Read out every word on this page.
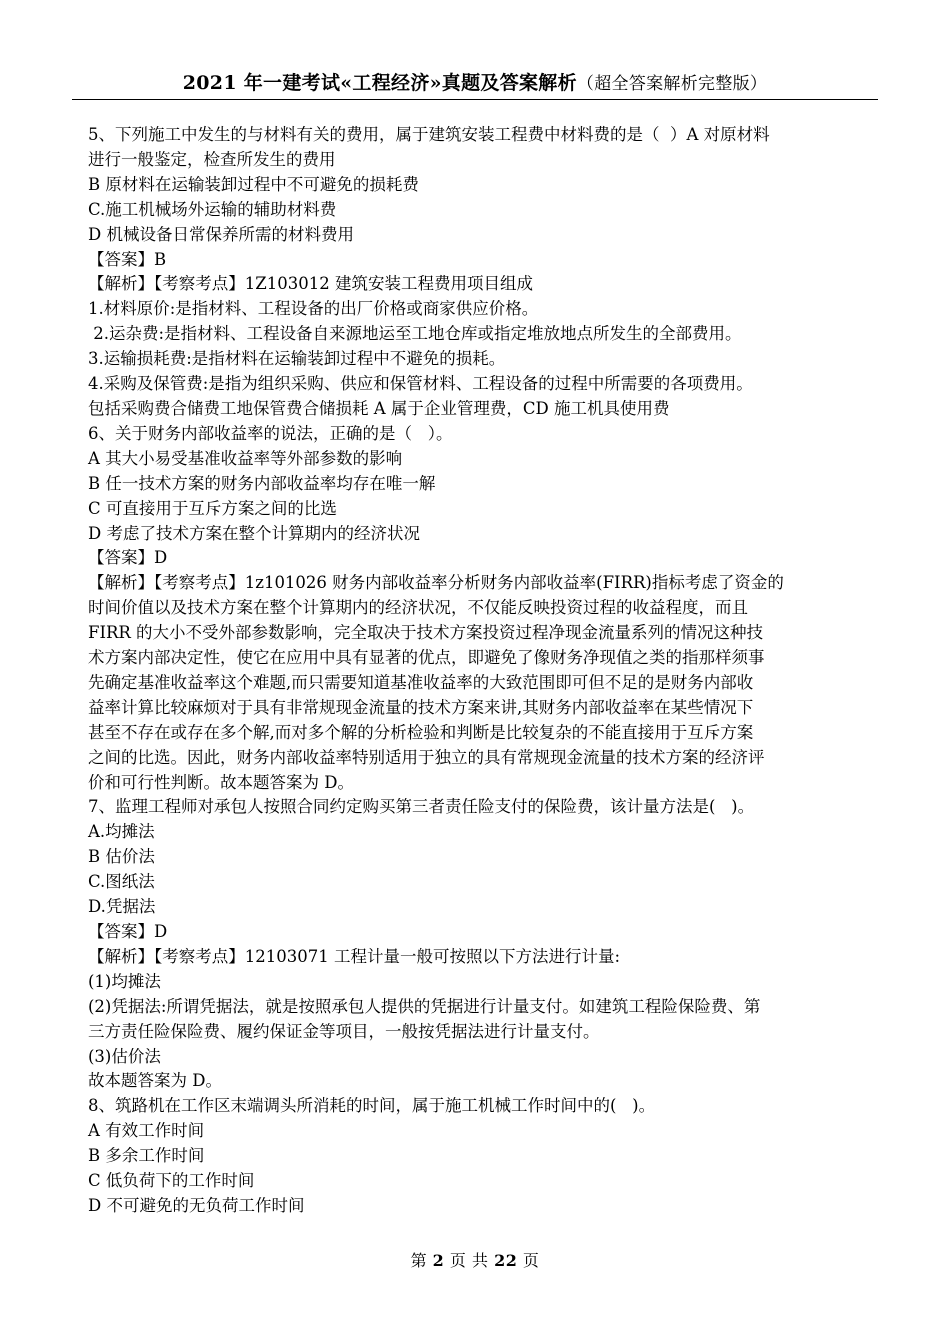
2021 年一建考试«工程经济»真题及答案解析（超全答案解析完整版）
5、下列施工中发生的与材料有关的费用，属于建筑安装工程费中材料费的是（  ）A 对原材料
进行一般鉴定，检查所发生的费用
B 原材料在运输装卸过程中不可避免的损耗费
C.施工机械场外运输的辅助材料费
D 机械设备日常保养所需的材料费用
【答案】B
【解析】【考察考点】1Z103012 建筑安装工程费用项目组成
1.材料原价:是指材料、工程设备的出厂价格或商家供应价格。
2.运杂费:是指材料、工程设备自来源地运至工地仓库或指定堆放地点所发生的全部费用。
3.运输损耗费:是指材料在运输装卸过程中不避免的损耗。
4.采购及保管费:是指为组织采购、供应和保管材料、工程设备的过程中所需要的各项费用。
包括采购费合储费工地保管费合储损耗 A 属于企业管理费，CD 施工机具使用费
6、关于财务内部收益率的说法，正确的是（   ）。
A 其大小易受基准收益率等外部参数的影响
B 任一技术方案的财务内部收益率均存在唯一解
C 可直接用于互斥方案之间的比选
D 考虑了技术方案在整个计算期内的经济状况
【答案】D
【解析】【考察考点】1z101026 财务内部收益率分析财务内部收益率(FIRR)指标考虑了资金的
时间价值以及技术方案在整个计算期内的经济状况，不仅能反映投资过程的收益程度，而且
FIRR 的大小不受外部参数影响，完全取决于技术方案投资过程净现金流量系列的情况这种技
术方案内部决定性，使它在应用中具有显著的优点，即避免了像财务净现值之类的指那样须事
先确定基准收益率这个难题,而只需要知道基准收益率的大致范围即可但不足的是财务内部收
益率计算比较麻烦对于具有非常规现金流量的技术方案来讲,其财务内部收益率在某些情况下
甚至不存在或存在多个解,而对多个解的分析检验和判断是比较复杂的不能直接用于互斥方案
之间的比选。因此，财务内部收益率特别适用于独立的具有常规现金流量的技术方案的经济评
价和可行性判断。故本题答案为 D。
7、监理工程师对承包人按照合同约定购买第三者责任险支付的保险费，该计量方法是(   )。
A.均摊法
B 估价法
C.图纸法
D.凭据法
【答案】D
【解析】【考察考点】12103071 工程计量一般可按照以下方法进行计量:
(1)均摊法
(2)凭据法:所谓凭据法，就是按照承包人提供的凭据进行计量支付。如建筑工程险保险费、第
三方责任险保险费、履约保证金等项目，一般按凭据法进行计量支付。
(3)估价法
故本题答案为 D。
8、筑路机在工作区末端调头所消耗的时间，属于施工机械工作时间中的(   )。
A 有效工作时间
B 多余工作时间
C 低负荷下的工作时间
D 不可避免的无负荷工作时间
第 2 页 共 22 页
